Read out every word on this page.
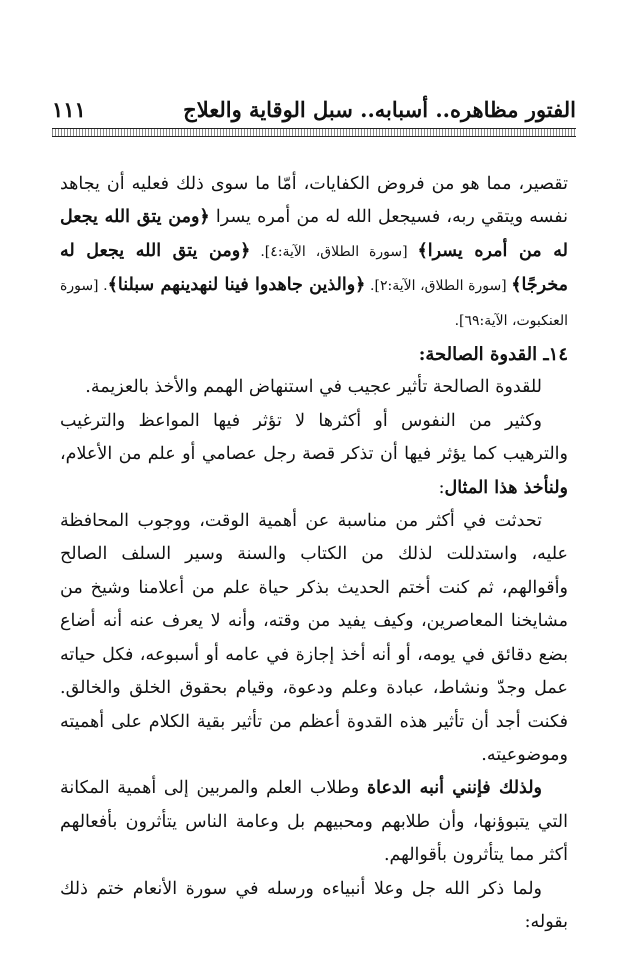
الفتور مظاهره.. أسبابه.. سبل الوقاية والعلاج
١١١

تقصير، مما هو من فروض الكفايات، أمّا ما سوى ذلك فعليه أن يجاهد نفسه ويتقي ربه، فسيجعل الله له من أمره يسرا ﴿ومن يتق الله يجعل له من أمره يسرا﴾ [سورة الطلاق، الآية:٤]. ﴿ومن يتق الله يجعل له مخرجًا﴾ [سورة الطلاق، الآية:٢]. ﴿والذين جاهدوا فينا لنهدينهم سبلنا﴾. [سورة العنكبوت، الآية:٦٩].

١٤ـ القدوة الصالحة:

للقدوة الصالحة تأثير عجيب في استنهاض الهمم والأخذ بالعزيمة.

وكثير من النفوس أو أكثرها لا تؤثر فيها المواعظ والترغيب والترهيب كما يؤثر فيها أن تذكر قصة رجل عصامي أو علم من الأعلام، ولنأخذ هذا المثال:

تحدثت في أكثر من مناسبة عن أهمية الوقت، ووجوب المحافظة عليه، واستدللت لذلك من الكتاب والسنة وسير السلف الصالح وأقوالهم، ثم كنت أختم الحديث بذكر حياة علم من أعلامنا وشيخ من مشايخنا المعاصرين، وكيف يفيد من وقته، وأنه لا يعرف عنه أنه أضاع بضع دقائق في يومه، أو أنه أخذ إجازة في عامه أو أسبوعه، فكل حياته عمل وجدّ ونشاط، عبادة وعلم ودعوة، وقيام بحقوق الخلق والخالق. فكنت أجد أن تأثير هذه القدوة أعظم من تأثير بقية الكلام على أهميته وموضوعيته.

ولذلك فإنني أنبه الدعاة وطلاب العلم والمربين إلى أهمية المكانة التي يتبوؤنها، وأن طلابهم ومحبيهم بل وعامة الناس يتأثرون بأفعالهم أكثر مما يتأثرون بأقوالهم.

ولما ذكر الله جل وعلا أنبياءه ورسله في سورة الأنعام ختم ذلك بقوله:
